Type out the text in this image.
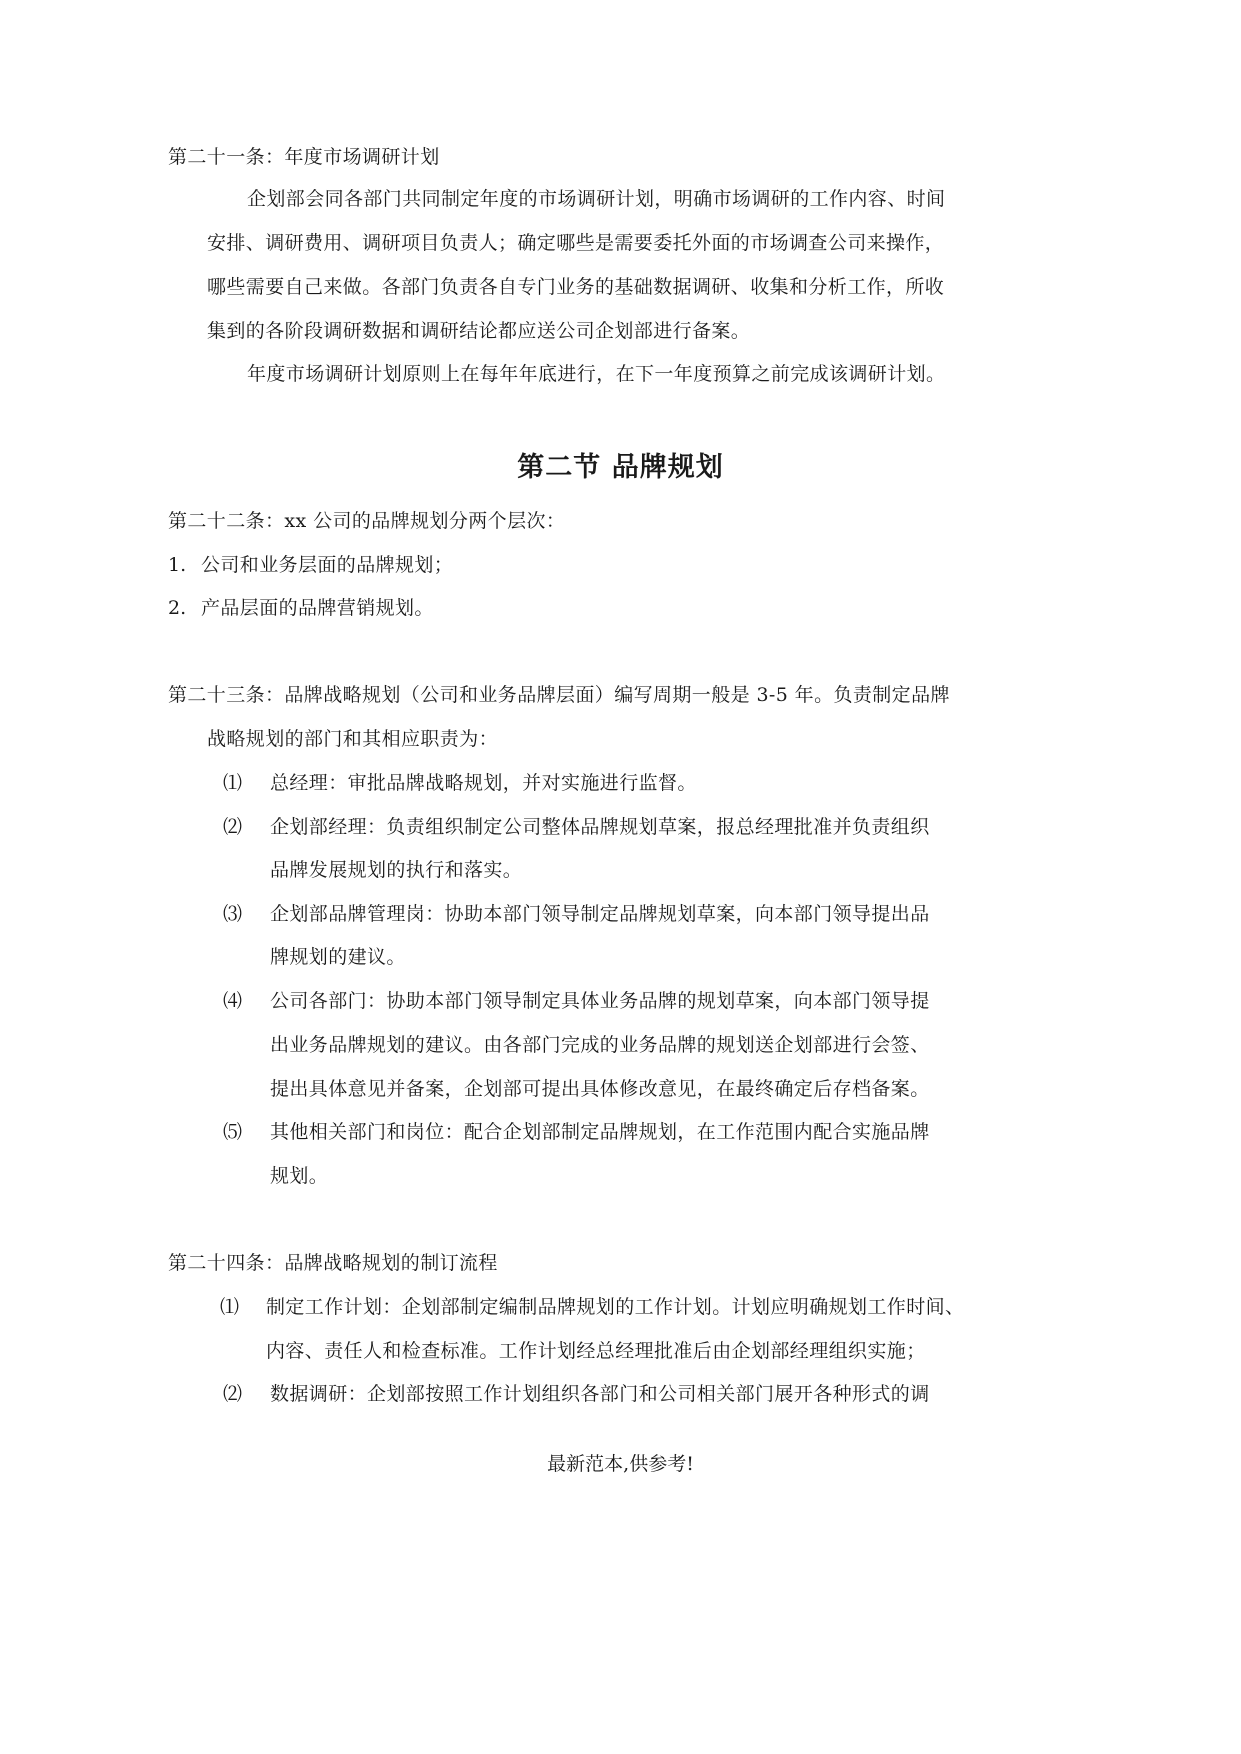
第二十一条：年度市场调研计划
企划部会同各部门共同制定年度的市场调研计划，明确市场调研的工作内容、时间
安排、调研费用、调研项目负责人；确定哪些是需要委托外面的市场调查公司来操作，
哪些需要自己来做。各部门负责各自专门业务的基础数据调研、收集和分析工作，所收
集到的各阶段调研数据和调研结论都应送公司企划部进行备案。
年度市场调研计划原则上在每年年底进行，在下一年度预算之前完成该调研计划。
第二节 品牌规划
第二十二条：xx 公司的品牌规划分两个层次：
1. 公司和业务层面的品牌规划；
2. 产品层面的品牌营销规划。
第二十三条：品牌战略规划（公司和业务品牌层面）编写周期一般是 3-5 年。负责制定品牌
战略规划的部门和其相应职责为：
⑴ 总经理：审批品牌战略规划，并对实施进行监督。
⑵ 企划部经理：负责组织制定公司整体品牌规划草案，报总经理批准并负责组织
品牌发展规划的执行和落实。
⑶ 企划部品牌管理岗：协助本部门领导制定品牌规划草案，向本部门领导提出品
牌规划的建议。
⑷ 公司各部门：协助本部门领导制定具体业务品牌的规划草案，向本部门领导提
出业务品牌规划的建议。由各部门完成的业务品牌的规划送企划部进行会签、
提出具体意见并备案，企划部可提出具体修改意见，在最终确定后存档备案。
⑸ 其他相关部门和岗位：配合企划部制定品牌规划，在工作范围内配合实施品牌
规划。
第二十四条：品牌战略规划的制订流程
⑴ 制定工作计划：企划部制定编制品牌规划的工作计划。计划应明确规划工作时间、
内容、责任人和检查标准。工作计划经总经理批准后由企划部经理组织实施；
⑵ 数据调研：企划部按照工作计划组织各部门和公司相关部门展开各种形式的调
最新范本,供参考!
